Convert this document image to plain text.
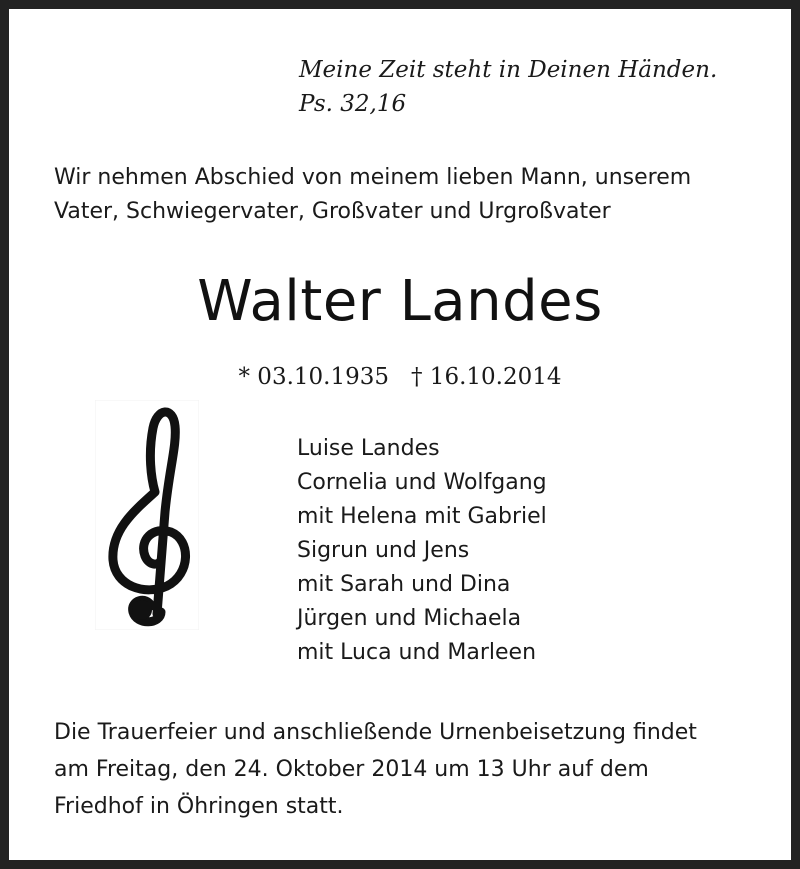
Meine Zeit steht in Deinen Händen.
Ps. 32,16
Wir nehmen Abschied von meinem lieben Mann, unserem
Vater, Schwiegervater, Großvater und Urgroßvater
Walter Landes
* 03.10.1935 † 16.10.2014
Luise Landes
Cornelia und Wolfgang
mit Helena mit Gabriel
Sigrun und Jens
mit Sarah und Dina
Jürgen und Michaela
mit Luca und Marleen
Die Trauerfeier und anschließende Urnenbeisetzung findet
am Freitag, den 24. Oktober 2014 um 13 Uhr auf dem
Friedhof in Öhringen statt.
